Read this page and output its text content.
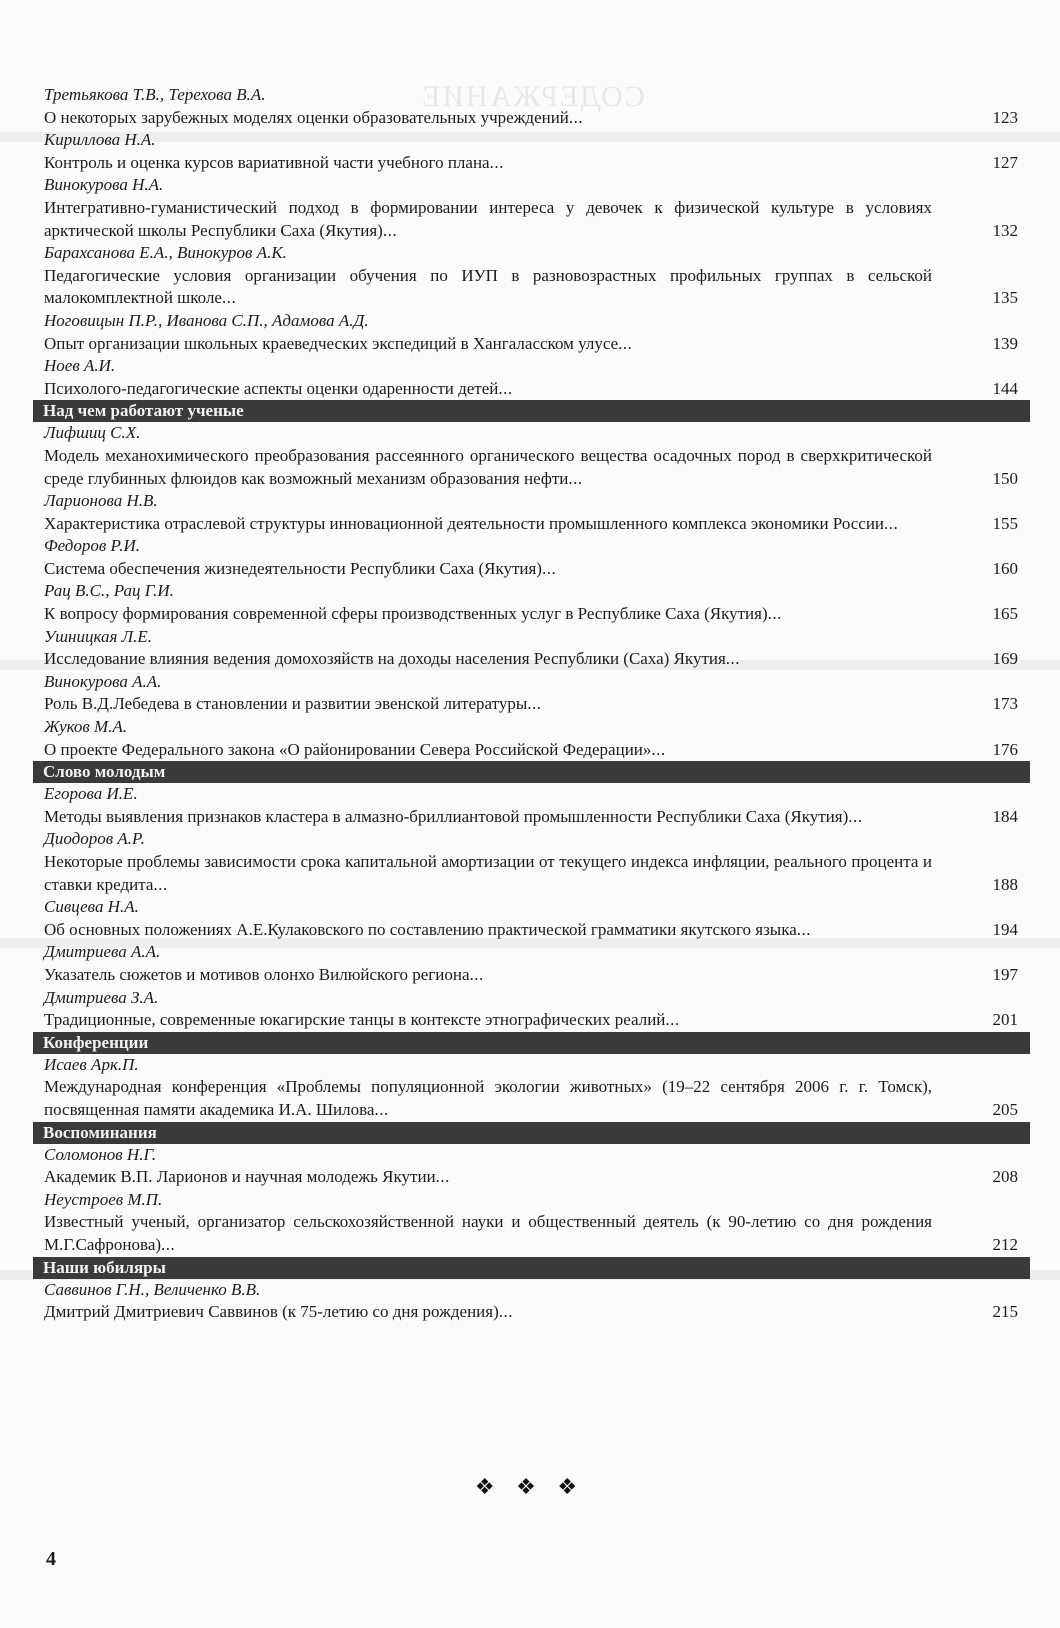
СОДЕРЖАНИЕ
Третьякова Т.В., Терехова В.А.
О некоторых зарубежных моделях оценки образовательных учреждений...	123
Кириллова Н.А.
Контроль и оценка курсов вариативной части учебного плана...	127
Винокурова Н.А.
Интегративно-гуманистический подход в формировании интереса у девочек к физической культуре в условиях арктической школы Республики Саха (Якутия)...	132
Барахсанова Е.А., Винокуров А.К.
Педагогические условия организации обучения по ИУП в разновозрастных профильных группах в сельской малокомплектной школе...	135
Ноговицын П.Р., Иванова С.П., Адамова А.Д.
Опыт организации школьных краеведческих экспедиций в Хангаласском улусе...	139
Ноев А.И.
Психолого-педагогические аспекты оценки одаренности детей...	144
Над чем работают ученые
Лифшиц С.Х.
Модель механохимического преобразования рассеянного органического вещества осадочных пород в сверхкритической среде глубинных флюидов как возможный механизм образования нефти...	150
Ларионова Н.В.
Характеристика отраслевой структуры инновационной деятельности промышленного комплекса экономики России...	155
Федоров Р.И.
Система обеспечения жизнедеятельности Республики Саха (Якутия)...	160
Рац В.С., Рац Г.И.
К вопросу формирования современной сферы производственных услуг в Республике Саха (Якутия)...	165
Ушницкая Л.Е.
Исследование влияния ведения домохозяйств на доходы населения Республики (Саха) Якутия...	169
Винокурова А.А.
Роль В.Д.Лебедева в становлении и развитии эвенской литературы...	173
Жуков М.А.
О проекте Федерального закона «О районировании Севера Российской Федерации»...	176
Слово молодым
Егорова И.Е.
Методы выявления признаков кластера в алмазно-бриллиантовой промышленности Республики Саха (Якутия)...	184
Диодоров А.Р.
Некоторые проблемы зависимости срока капитальной амортизации от текущего индекса инфляции, реального процента и ставки кредита...	188
Сивцева Н.А.
Об основных положениях А.Е.Кулаковского по составлению практической грамматики якутского языка...	194
Дмитриева А.А.
Указатель сюжетов и мотивов олонхо Вилюйского региона...	197
Дмитриева З.А.
Традиционные, современные юкагирские танцы в контексте этнографических реалий...	201
Конференции
Исаев Арк.П.
Международная конференция «Проблемы популяционной экологии животных» (19–22 сентября 2006 г. г. Томск), посвященная памяти академика И.А. Шилова...	205
Воспоминания
Соломонов Н.Г.
Академик В.П. Ларионов и научная молодежь Якутии...	208
Неустроев М.П.
Известный ученый, организатор сельскохозяйственной науки и общественный деятель (к 90-летию со дня рождения М.Г.Сафронова)...	212
Наши юбиляры
Саввинов Г.Н., Величенко В.В.
Дмитрий Дмитриевич Саввинов (к 75-летию со дня рождения)...	215
❖ ❖ ❖
4
